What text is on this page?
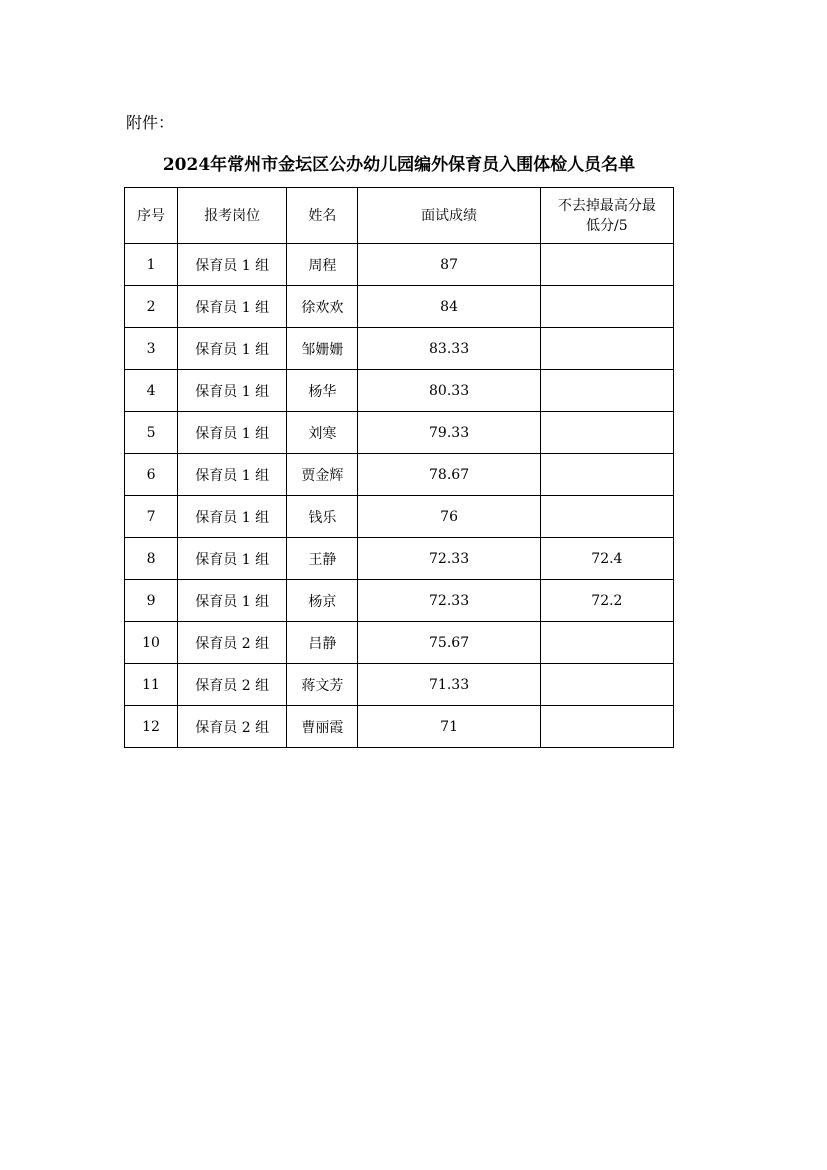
附件：
2024年常州市金坛区公办幼儿园编外保育员入围体检人员名单
序号	报考岗位	姓名	面试成绩	不去掉最高分最
低分/5
1	保育员 1 组	周程	87	
2	保育员 1 组	徐欢欢	84	
3	保育员 1 组	邹姗姗	83.33	
4	保育员 1 组	杨华	80.33	
5	保育员 1 组	刘寒	79.33	
6	保育员 1 组	贾金辉	78.67	
7	保育员 1 组	钱乐	76	
8	保育员 1 组	王静	72.33	72.4
9	保育员 1 组	杨京	72.33	72.2
10	保育员 2 组	吕静	75.67	
11	保育员 2 组	蒋文芳	71.33	
12	保育员 2 组	曹丽霞	71	
